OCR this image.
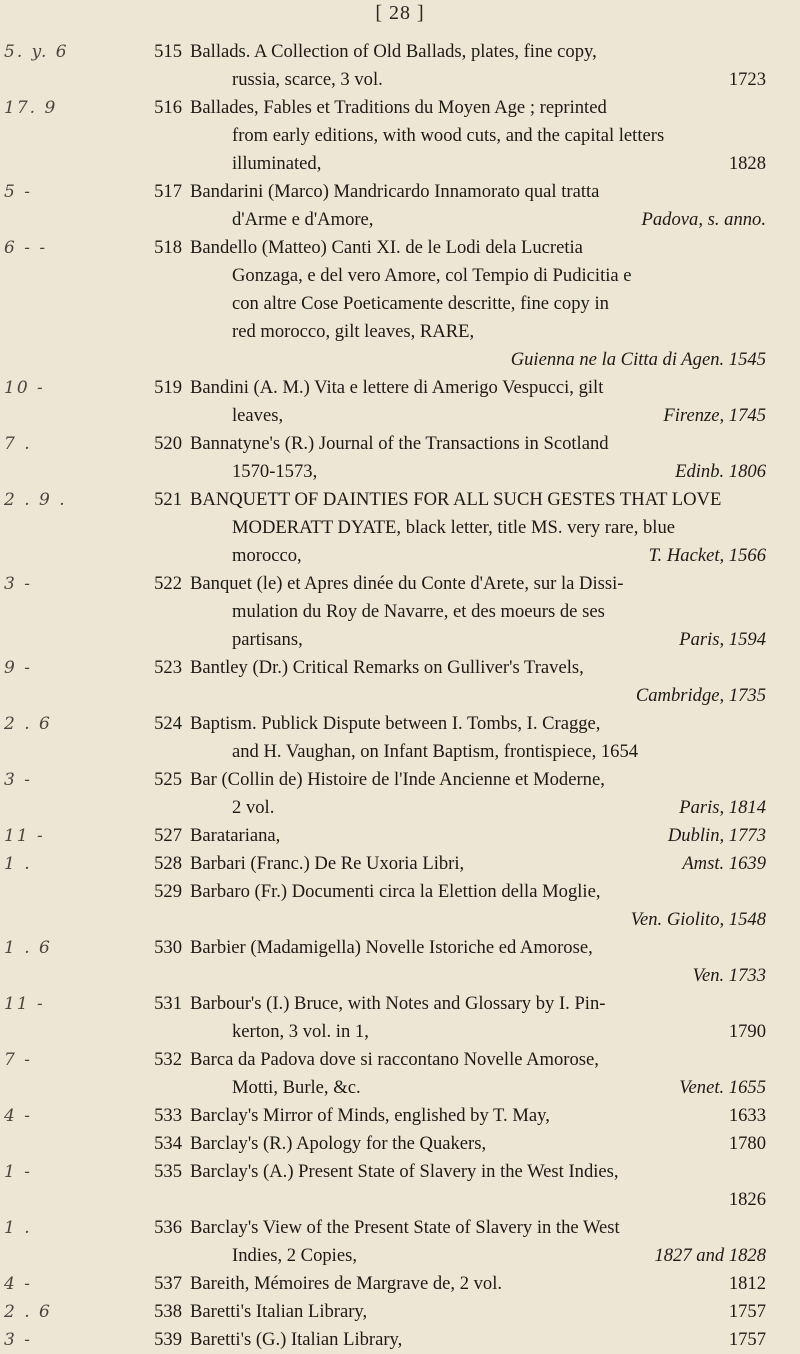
[ 28 ]
5. y. 6	515 Ballads. A Collection of Old Ballads, plates, fine copy,
russia, scarce, 3 vol.	1723
17. 9	516 Ballades, Fables et Traditions du Moyen Age ; reprinted
from early editions, with wood cuts, and the capital letters
illuminated,	1828
5 -	517 Bandarini (Marco) Mandricardo Innamorato qual tratta
d'Arme e d'Amore,	Padova, s. anno.
6 - -	518 Bandello (Matteo) Canti XI. de le Lodi dela Lucretia
Gonzaga, e del vero Amore, col Tempio di Pudicitia e
con altre Cose Poeticamente descritte, fine copy in
red morocco, gilt leaves, RARE,
Guienna ne la Citta di Agen. 1545
10 -	519 Bandini (A. M.) Vita e lettere di Amerigo Vespucci, gilt
leaves,	Firenze, 1745
7 .	520 Bannatyne's (R.) Journal of the Transactions in Scotland
1570-1573,	Edinb. 1806
2 . 9 .	521 BANQUETT OF DAINTIES FOR ALL SUCH GESTES THAT LOVE
MODERATT DYATE, black letter, title MS. very rare, blue
morocco,	T. Hacket, 1566
3 -	522 Banquet (le) et Apres dinée du Conte d'Arete, sur la Dissi-
mulation du Roy de Navarre, et des moeurs de ses
partisans,	Paris, 1594
9 -	523 Bantley (Dr.) Critical Remarks on Gulliver's Travels,
Cambridge, 1735
2 . 6	524 Baptism. Publick Dispute between I. Tombs, I. Cragge,
and H. Vaughan, on Infant Baptism, frontispiece, 1654
3 -	525 Bar (Collin de) Histoire de l'Inde Ancienne et Moderne,
2 vol.	Paris, 1814
11 -	527 Baratariana,	Dublin, 1773
1 .	528 Barbari (Franc.) De Re Uxoria Libri,	Amst. 1639
529 Barbaro (Fr.) Documenti circa la Elettion della Moglie,
Ven. Giolito, 1548
1 . 6	530 Barbier (Madamigella) Novelle Istoriche ed Amorose,
Ven. 1733
11 -	531 Barbour's (I.) Bruce, with Notes and Glossary by I. Pin-
kerton, 3 vol. in 1,	1790
7 -	532 Barca da Padova dove si raccontano Novelle Amorose,
Motti, Burle, &c.	Venet. 1655
4 -	533 Barclay's Mirror of Minds, englished by T. May,	1633
534 Barclay's (R.) Apology for the Quakers,	1780
1 -	535 Barclay's (A.) Present State of Slavery in the West Indies,
1826
1 .	536 Barclay's View of the Present State of Slavery in the West
Indies, 2 Copies,	1827 and 1828
4 -	537 Bareith, Mémoires de Margrave de, 2 vol.	1812
2 . 6	538 Baretti's Italian Library,	1757
3 -	539 Baretti's (G.) Italian Library,	1757
